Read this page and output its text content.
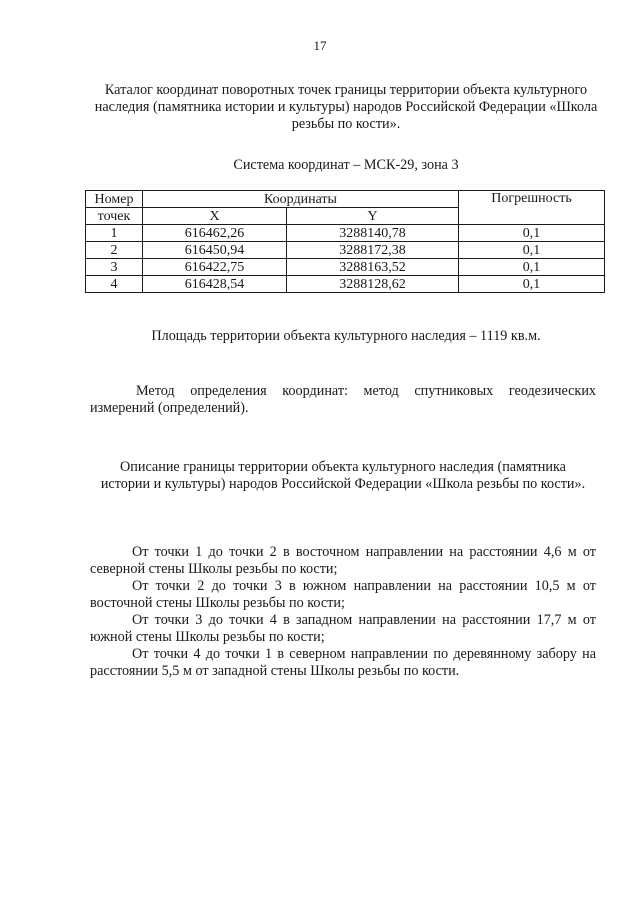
17
Каталог координат поворотных точек границы территории объекта культурного наследия (памятника истории и культуры) народов Российской Федерации «Школа резьбы по кости».
Система координат – МСК-29, зона 3
Номер	Координаты		Погрешность
точек	X	Y	
1	616462,26	3288140,78	0,1
2	616450,94	3288172,38	0,1
3	616422,75	3288163,52	0,1
4	616428,54	3288128,62	0,1
Площадь территории объекта культурного наследия – 1119 кв.м.
Метод определения координат: метод спутниковых геодезических измерений (определений).
Описание границы территории объекта культурного наследия (памятника истории и культуры) народов Российской Федерации «Школа резьбы по кости».

От точки 1 до точки 2 в восточном направлении на расстоянии 4,6 м от северной стены Школы резьбы по кости;

От точки 2 до точки 3 в южном направлении на расстоянии 10,5 м от восточной стены Школы резьбы по кости;

От точки 3 до точки 4 в западном направлении на расстоянии 17,7 м от южной стены Школы резьбы по кости;

От точки 4 до точки 1 в северном направлении по деревянному забору на расстоянии 5,5 м от западной стены Школы резьбы по кости.
